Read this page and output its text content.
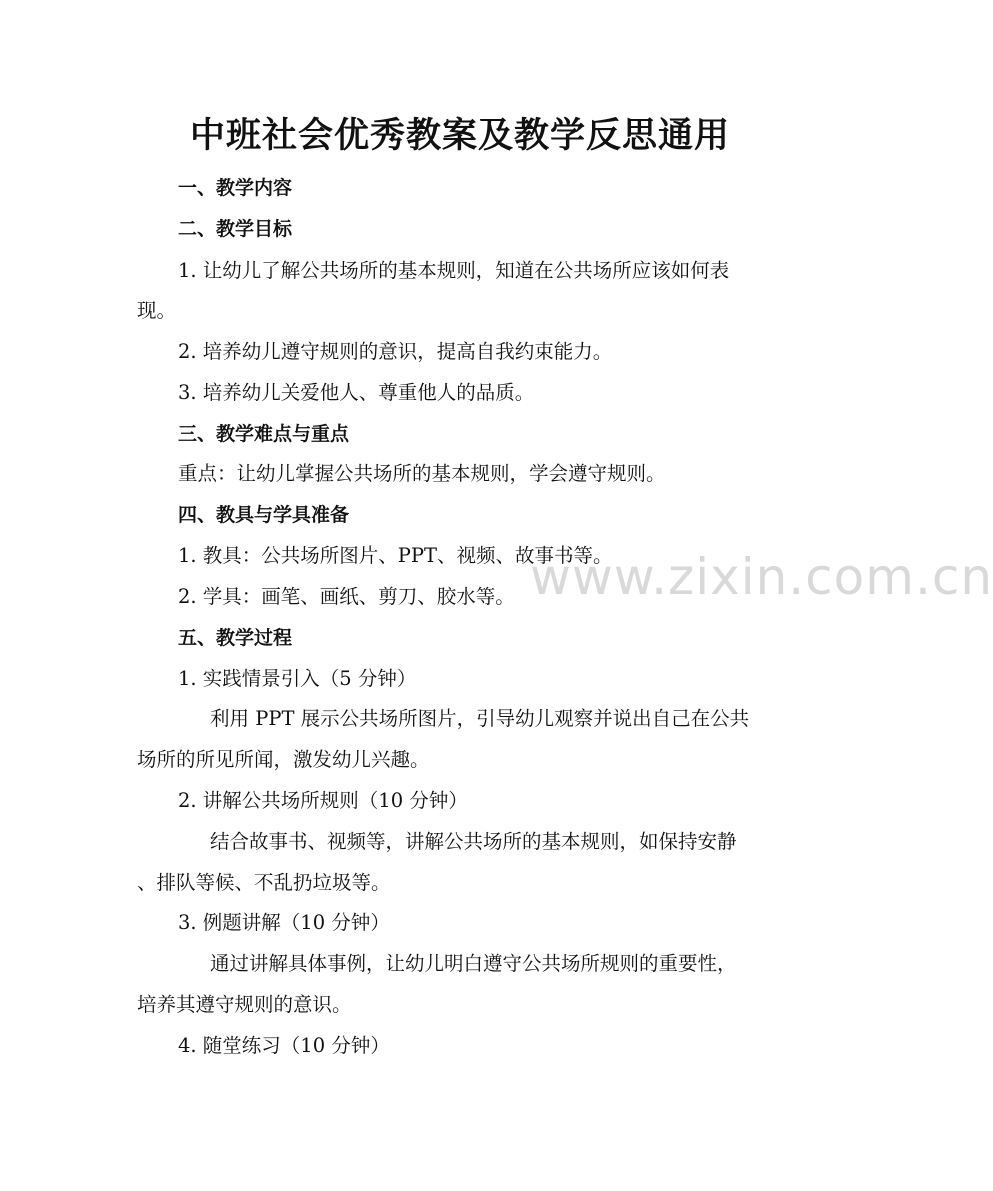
www.zixin.com.cn
中班社会优秀教案及教学反思通用
一、教学内容
二、教学目标
1. 让幼儿了解公共场所的基本规则，知道在公共场所应该如何表
现。
2. 培养幼儿遵守规则的意识，提高自我约束能力。
3. 培养幼儿关爱他人、尊重他人的品质。
三、教学难点与重点
重点：让幼儿掌握公共场所的基本规则，学会遵守规则。
四、教具与学具准备
1. 教具：公共场所图片、PPT、视频、故事书等。
2. 学具：画笔、画纸、剪刀、胶水等。
五、教学过程
1. 实践情景引入（5 分钟）
利用 PPT 展示公共场所图片，引导幼儿观察并说出自己在公共
场所的所见所闻，激发幼儿兴趣。
2. 讲解公共场所规则（10 分钟）
结合故事书、视频等，讲解公共场所的基本规则，如保持安静
、排队等候、不乱扔垃圾等。
3. 例题讲解（10 分钟）
通过讲解具体事例，让幼儿明白遵守公共场所规则的重要性，
培养其遵守规则的意识。
4. 随堂练习（10 分钟）
